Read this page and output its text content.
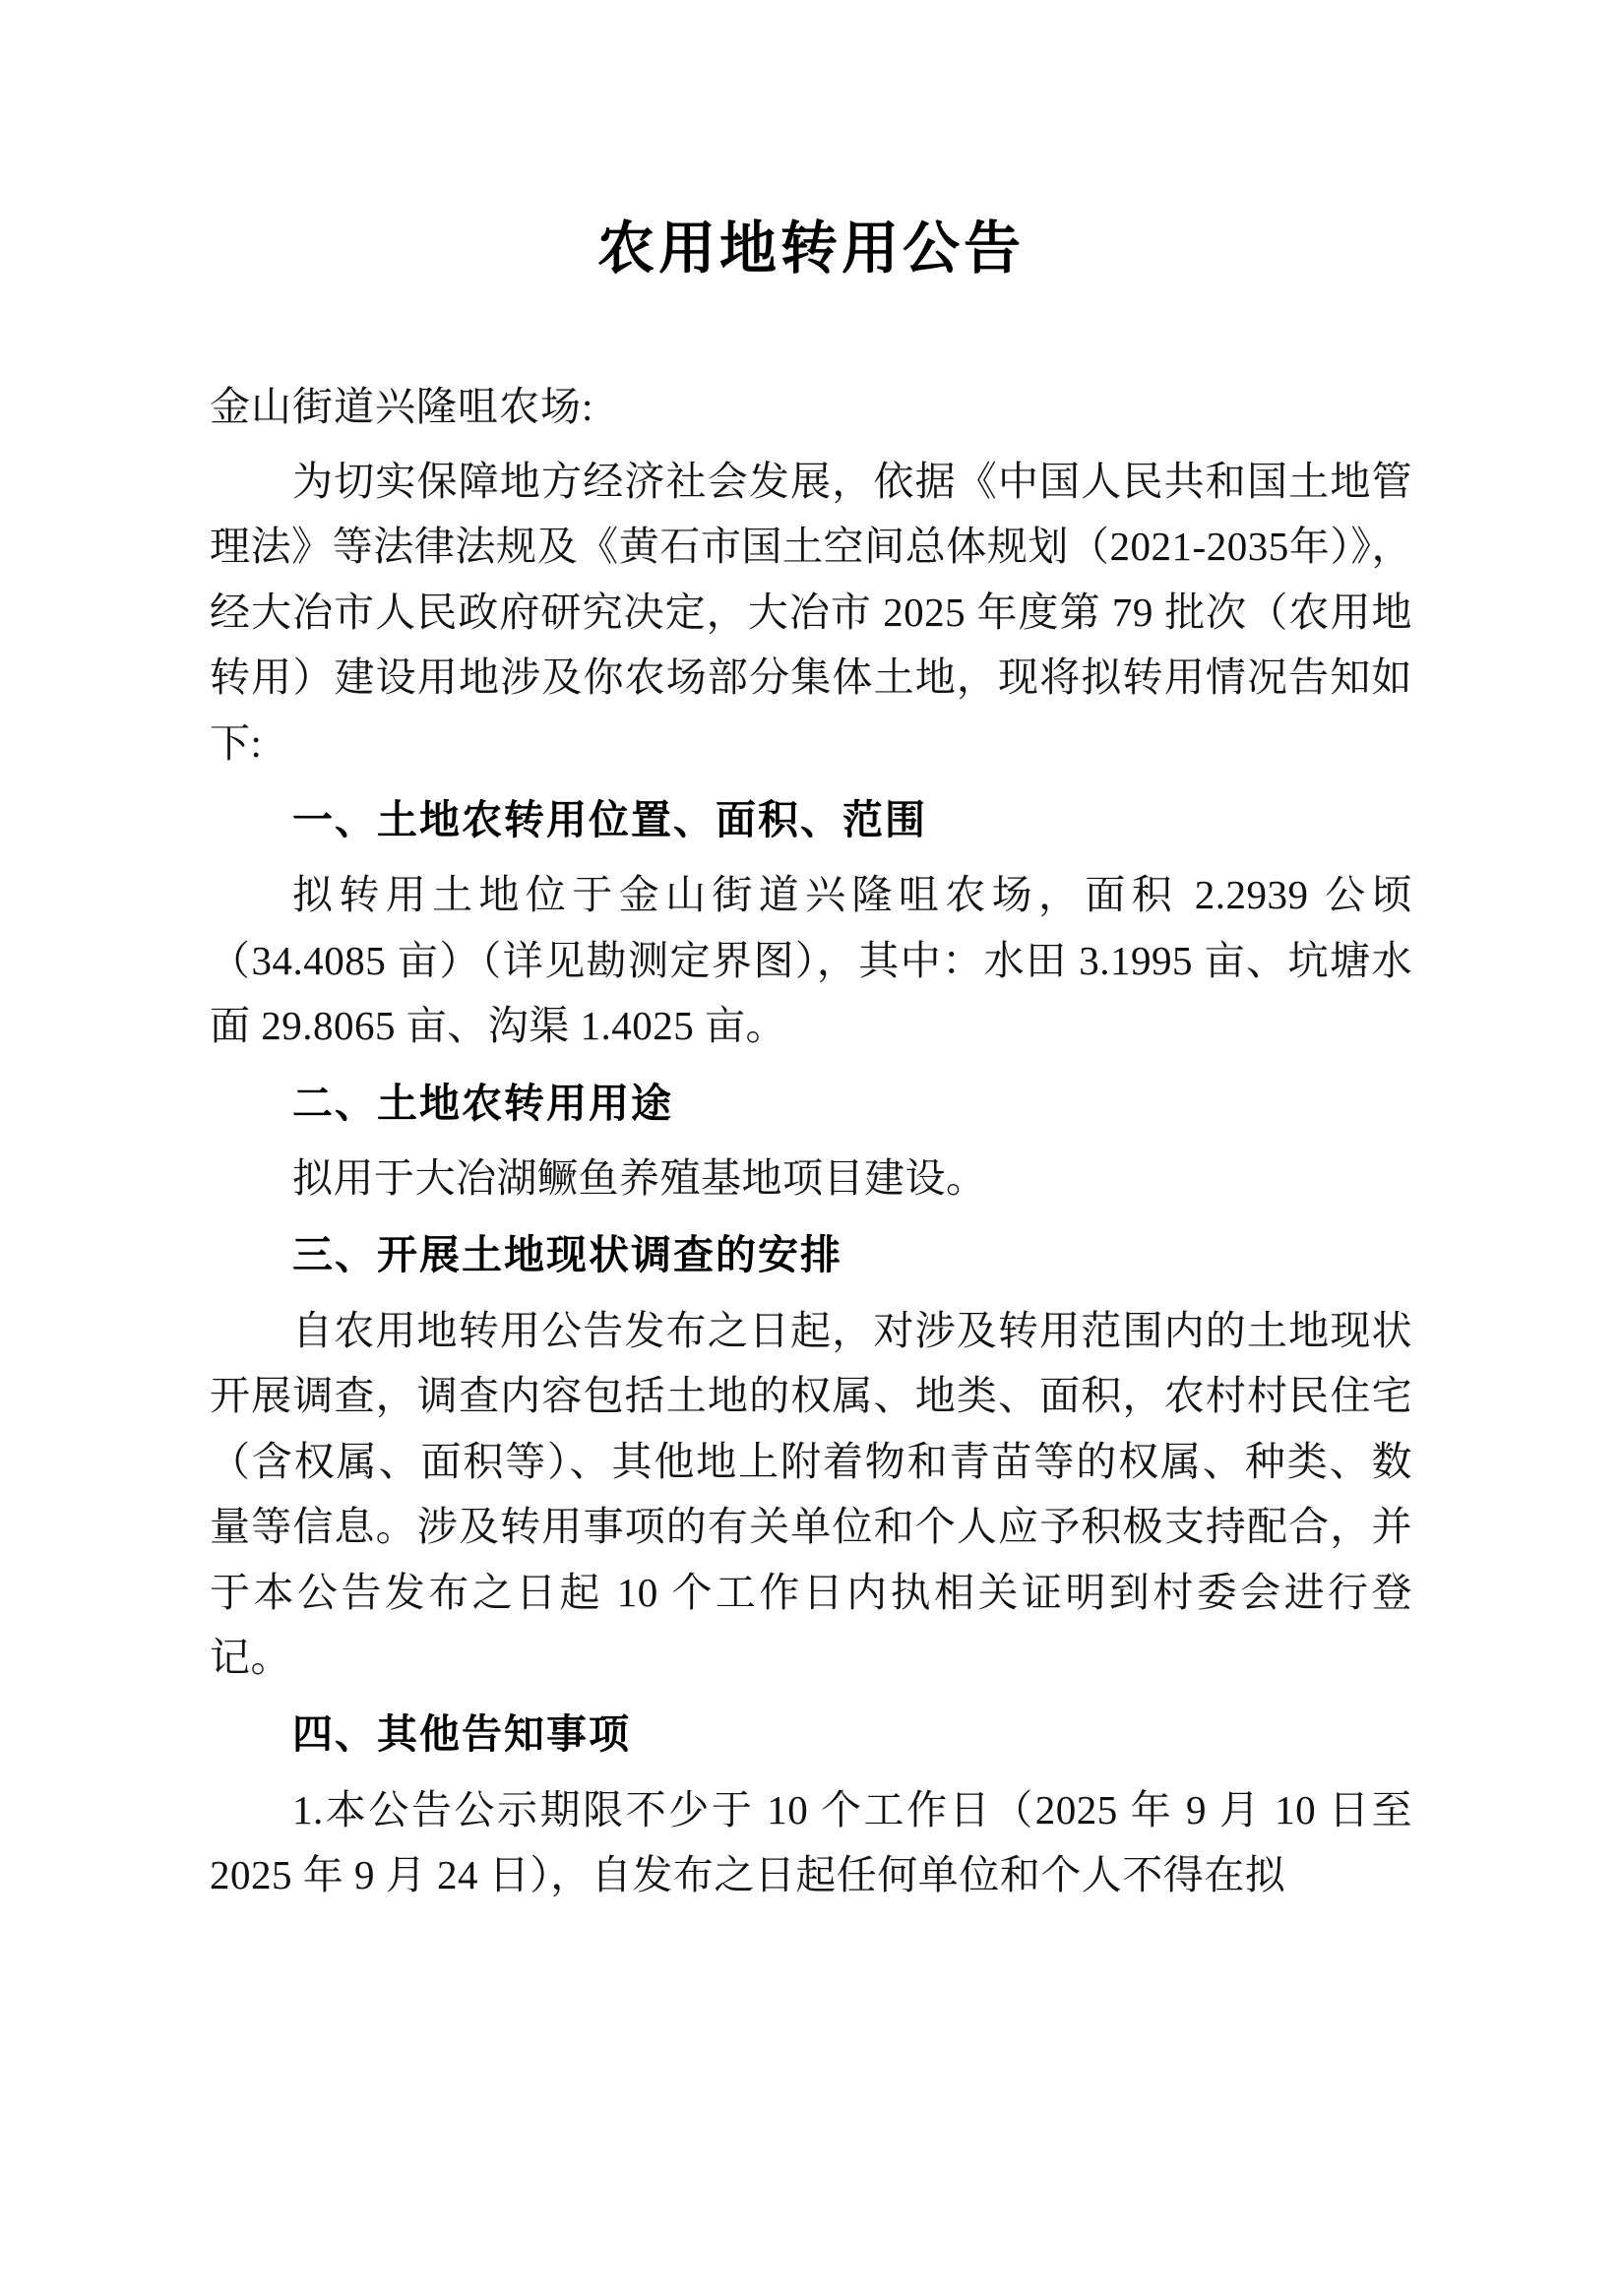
农用地转用公告
金山街道兴隆咀农场:

为切实保障地方经济社会发展，依据《中国人民共和国土地管理法》等法律法规及《黄石市国土空间总体规划（2021-2035年）》，经大冶市人民政府研究决定，大冶市 2025 年度第 79 批次（农用地转用）建设用地涉及你农场部分集体土地，现将拟转用情况告知如下:

一、土地农转用位置、面积、范围

拟转用土地位于金山街道兴隆咀农场，面积 2.2939 公顷（34.4085 亩）（详见勘测定界图），其中：水田 3.1995 亩、坑塘水面 29.8065 亩、沟渠 1.4025 亩。

二、土地农转用用途

拟用于大冶湖鳜鱼养殖基地项目建设。

三、开展土地现状调查的安排

自农用地转用公告发布之日起，对涉及转用范围内的土地现状开展调查，调查内容包括土地的权属、地类、面积，农村村民住宅（含权属、面积等）、其他地上附着物和青苗等的权属、种类、数量等信息。涉及转用事项的有关单位和个人应予积极支持配合，并于本公告发布之日起 10 个工作日内执相关证明到村委会进行登记。

四、其他告知事项

1.本公告公示期限不少于 10 个工作日（2025 年 9 月 10 日至 2025 年 9 月 24 日），自发布之日起任何单位和个人不得在拟
